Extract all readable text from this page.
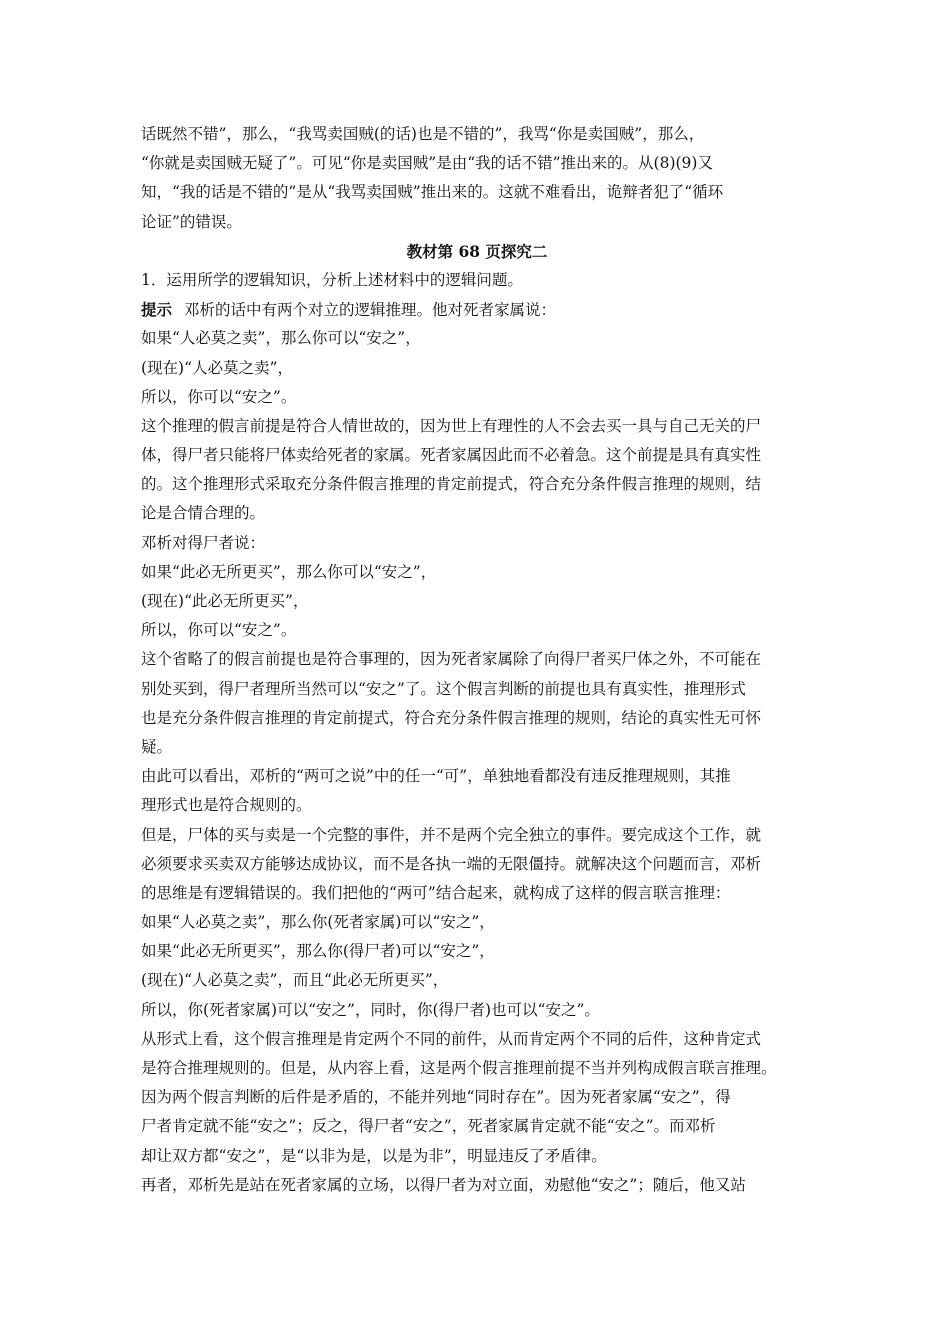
话既然不错”，那么，“我骂卖国贼(的话)也是不错的”，我骂“你是卖国贼”，那么，
“你就是卖国贼无疑了”。可见“你是卖国贼”是由“我的话不错”推出来的。从(8)(9)又
知，“我的话是不错的”是从“我骂卖国贼”推出来的。这就不难看出，诡辩者犯了“循环
论证”的错误。
教材第 68 页探究二
1．运用所学的逻辑知识，分析上述材料中的逻辑问题。
提示 邓析的话中有两个对立的逻辑推理。他对死者家属说：
如果“人必莫之卖”，那么你可以“安之”，
(现在)“人必莫之卖”，
所以，你可以“安之”。
这个推理的假言前提是符合人情世故的，因为世上有理性的人不会去买一具与自己无关的尸
体，得尸者只能将尸体卖给死者的家属。死者家属因此而不必着急。这个前提是具有真实性
的。这个推理形式采取充分条件假言推理的肯定前提式，符合充分条件假言推理的规则，结
论是合情合理的。
邓析对得尸者说：
如果“此必无所更买”，那么你可以“安之”，
(现在)“此必无所更买”，
所以，你可以“安之”。
这个省略了的假言前提也是符合事理的，因为死者家属除了向得尸者买尸体之外，不可能在
别处买到，得尸者理所当然可以“安之”了。这个假言判断的前提也具有真实性，推理形式
也是充分条件假言推理的肯定前提式，符合充分条件假言推理的规则，结论的真实性无可怀
疑。
由此可以看出，邓析的“两可之说”中的任一“可”，单独地看都没有违反推理规则，其推
理形式也是符合规则的。
但是，尸体的买与卖是一个完整的事件，并不是两个完全独立的事件。要完成这个工作，就
必须要求买卖双方能够达成协议，而不是各执一端的无限僵持。就解决这个问题而言，邓析
的思维是有逻辑错误的。我们把他的“两可”结合起来，就构成了这样的假言联言推理：
如果“人必莫之卖”，那么你(死者家属)可以“安之”，
如果“此必无所更买”，那么你(得尸者)可以“安之”，
(现在)“人必莫之卖”，而且“此必无所更买”，
所以，你(死者家属)可以“安之”，同时，你(得尸者)也可以“安之”。
从形式上看，这个假言推理是肯定两个不同的前件，从而肯定两个不同的后件，这种肯定式
是符合推理规则的。但是，从内容上看，这是两个假言推理前提不当并列构成假言联言推理。
因为两个假言判断的后件是矛盾的，不能并列地“同时存在”。因为死者家属“安之”，得
尸者肯定就不能“安之”；反之，得尸者“安之”，死者家属肯定就不能“安之”。而邓析
却让双方都“安之”，是“以非为是，以是为非”，明显违反了矛盾律。
再者，邓析先是站在死者家属的立场，以得尸者为对立面，劝慰他“安之”；随后，他又站
